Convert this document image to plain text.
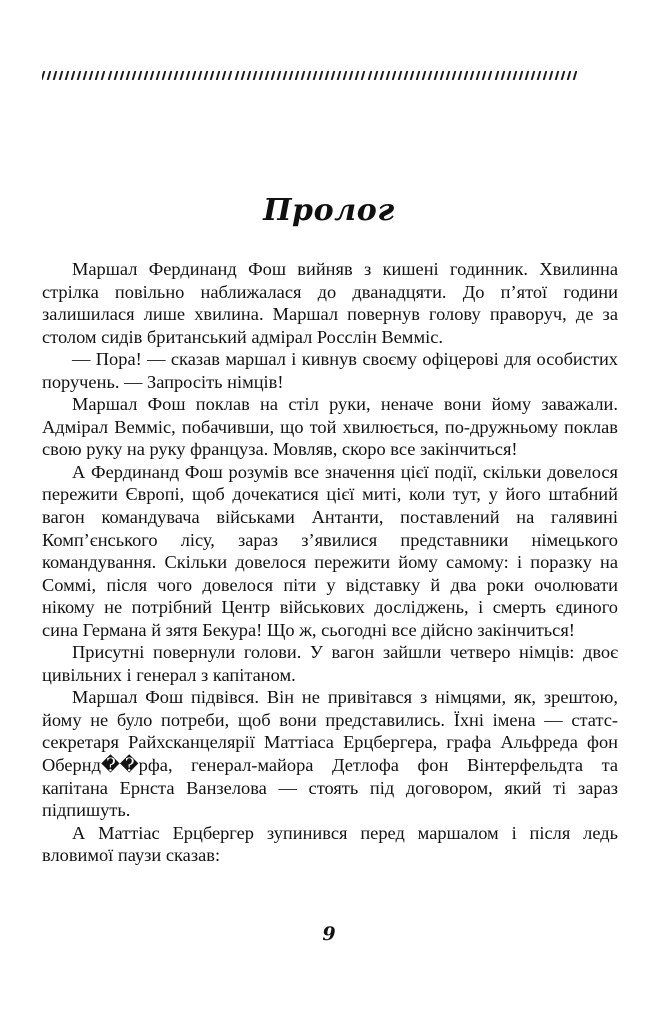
Пролог

Маршал Фердинанд Фош вийняв з кишені годинник. Хвилинна стрілка повільно наближалася до дванадцяти. До п’ятої години залишилася лише хвилина. Маршал повернув голову праворуч, де за столом сидів британський адмірал Росслін Вемміс.

— Пора! — сказав маршал і кивнув своєму офіцерові для особистих поручень. — Запросіть німців!

Маршал Фош поклав на стіл руки, неначе вони йому заважали. Адмірал Вемміс, побачивши, що той хвилюється, по-дружньому поклав свою руку на руку француза. Мовляв, скоро все закінчиться!

А Фердинанд Фош розумів все значення цієї події, скільки довелося пережити Європі, щоб дочекатися цієї миті, коли тут, у його штабний вагон командувача військами Антанти, поставлений на галявині Комп’єнського лісу, зараз з’явилися представники німецького командування. Скільки довелося пережити йому самому: і поразку на Соммі, після чого довелося піти у відставку й два роки очолювати нікому не потрібний Центр військових досліджень, і смерть єдиного сина Германа й зятя Бекура! Що ж, сьогодні все дійсно закінчиться!

Присутні повернули голови. У вагон зайшли четверо німців: двоє цивільних і генерал з капітаном.

Маршал Фош підвівся. Він не привітався з німцями, як, зрештою, йому не було потреби, щоб вони представились. Їхні імена — статс-секретаря Райхсканцелярії Маттіаса Ерцбергера, графа Альфреда фон Обернд��рфа, генерал-майора Детлофа фон Вінтерфельдта та капітана Ернста Ванзелова — стоять під договором, який ті зараз підпишуть.

А Маттіас Ерцбергер зупинився перед маршалом і після ледь вловимої паузи сказав:

9
